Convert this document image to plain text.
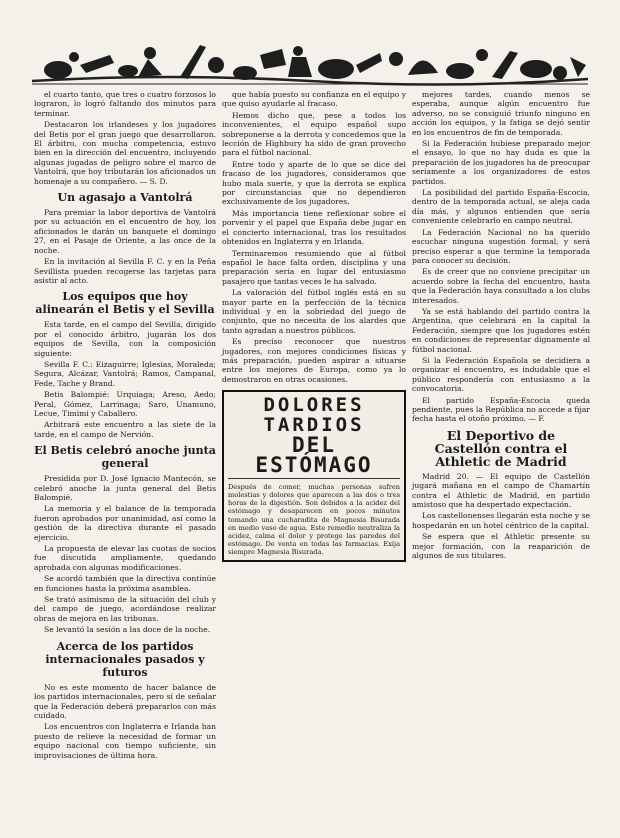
el cuarto tanto, que tres o cuatro forzosos lo lograron, lo logró faltando dos minutos para terminar.

Destacaron los irlandeses y los jugadores del Betis por el gran juego que desarrollaron. El árbitro, con mucha competencia, estuvo bien en la dirección del encuentro, incluyendo algunas jugadas de peligro sobre el marco de Vantolrá, que hoy tributarán los aficionados un homenaje a su compañero. — S. D.

Un agasajo a Vantolrá

Para premiar la labor deportiva de Vantolrá por su actuación en el encuentro de hoy, los aficionados le darán un banquete el domingo 27, en el Pasaje de Oriente, a las once de la noche.

En la invitación al Sevilla F. C. y en la Peña Sevillista pueden recogerse las tarjetas para asistir al acto.

Los equipos que hoy alinearán el Betis y el Sevilla

Esta tarde, en el campo del Sevilla, dirigido por el conocido árbitro, jugarán los dos equipos de Sevilla, con la composición siguiente:

Sevilla F. C.: Eizaguirre; Iglesias, Moraleda; Segura, Alcázar, Vantolrá; Ramos, Campanal, Fede, Tache y Brand.

Betis Balompié: Urquiaga; Areso, Aedo; Peral, Gómez, Larrinaga; Saro, Unamuno, Lecue, Timimi y Caballero.

Arbitrará este encuentro a las siete de la tarde, en el campo de Nervión.

El Betis celebró anoche junta general

Presidida por D. José Ignacio Mantecón, se celebró anoche la junta general del Betis Balompié.

La memoria y el balance de la temporada fueron aprobados por unanimidad, así como la gestión de la directiva durante el pasado ejercicio.

La propuesta de elevar las cuotas de socios fue discutida ampliamente, quedando aprobada con algunas modificaciones.

Se acordó también que la directiva continúe en funciones hasta la próxima asamblea.

Se trató asimismo de la situación del club y del campo de juego, acordándose realizar obras de mejora en las tribunas.

Se levantó la sesión a las doce de la noche.

Acerca de los partidos internacionales pasados y futuros

No es este momento de hacer balance de los partidos internacionales, pero sí de señalar que la Federación deberá prepararlos con más cuidado.

Los encuentros con Inglaterra e Irlanda han puesto de relieve la necesidad de formar un equipo nacional con tiempo suficiente, sin improvisaciones de última hora.

que había puesto su confianza en el equipo y que quiso ayudarle al fracaso.

Hemos dicho que, pese a todos los inconvenientes, el equipo español supo sobreponerse a la derrota y concedemos que la lección de Highbury ha sido de gran provecho para el fútbol nacional.

Entre todo y aparte de lo que se dice del fracaso de los jugadores, consideramos que hubo mala suerte, y que la derrota se explica por circunstancias que no dependieron exclusivamente de los jugadores.

Más importancia tiene reflexionar sobre el porvenir y el papel que España debe jugar en el concierto internacional, tras los resultados obtenidos en Inglaterra y en Irlanda.

Terminaremos resumiendo que al fútbol español le hace falta orden, disciplina y una preparación seria en lugar del entusiasmo pasajero que tantas veces le ha salvado.

La valoración del fútbol inglés está en su mayor parte en la perfección de la técnica individual y en la sobriedad del juego de conjunto, que no necesita de los alardes que tanto agradan a nuestros públicos.

Es preciso reconocer que nuestros jugadores, con mejores condiciones físicas y más preparación, pueden aspirar a situarse entre los mejores de Europa, como ya lo demostraron en otras ocasiones.

DOLORES TARDIOS
DEL ESTÓMAGO
Después de comer, muchas personas sufren molestias y dolores que aparecen a las dos o tres horas de la digestión. Son debidos a la acidez del estómago y desaparecen en pocos minutos tomando una cucharadita de Magnesia Bisurada en medio vaso de agua. Este remedio neutraliza la acidez, calma el dolor y protege las paredes del estómago. De venta en todas las farmacias. Exija siempre Magnesia Bisurada.

mejores tardes, cuando menos se esperaba, aunque algún encuentro fue adverso, no se consiguió triunfo ninguno en acción los equipos, y la fatiga se dejó sentir en los encuentros de fin de temporada.

Si la Federación hubiese preparado mejor el ensayo, lo que no hay duda es que la preparación de los jugadores ha de preocupar seriamente a los organizadores de estos partidos.

La posibilidad del partido España-Escocia, dentro de la temporada actual, se aleja cada día más, y algunos entienden que sería conveniente celebrarlo en campo neutral.

La Federación Nacional no ha querido escuchar ninguna sugestión formal, y será preciso esperar a que termine la temporada para conocer su decisión.

Es de creer que no conviene precipitar un acuerdo sobre la fecha del encuentro, hasta que la Federación haya consultado a los clubs interesados.

Ya se está hablando del partido contra la Argentina, que celebrará en la capital la Federación, siempre que los jugadores estén en condiciones de representar dignamente al fútbol nacional.

Si la Federación Española se decidiera a organizar el encuentro, es indudable que el público respondería con entusiasmo a la convocatoria.

El partido España-Escocia queda pendiente, pues la República no accede a fijar fecha hasta el otoño próximo. — F.

El Deportivo de Castellón contra el Athletic de Madrid

Madrid 20. — El equipo de Castellón jugará mañana en el campo de Chamartín contra el Athletic de Madrid, en partido amistoso que ha despertado expectación.

Los castellonenses llegarán esta noche y se hospedarán en un hotel céntrico de la capital.

Se espera que el Athletic presente su mejor formación, con la reaparición de algunos de sus titulares.
